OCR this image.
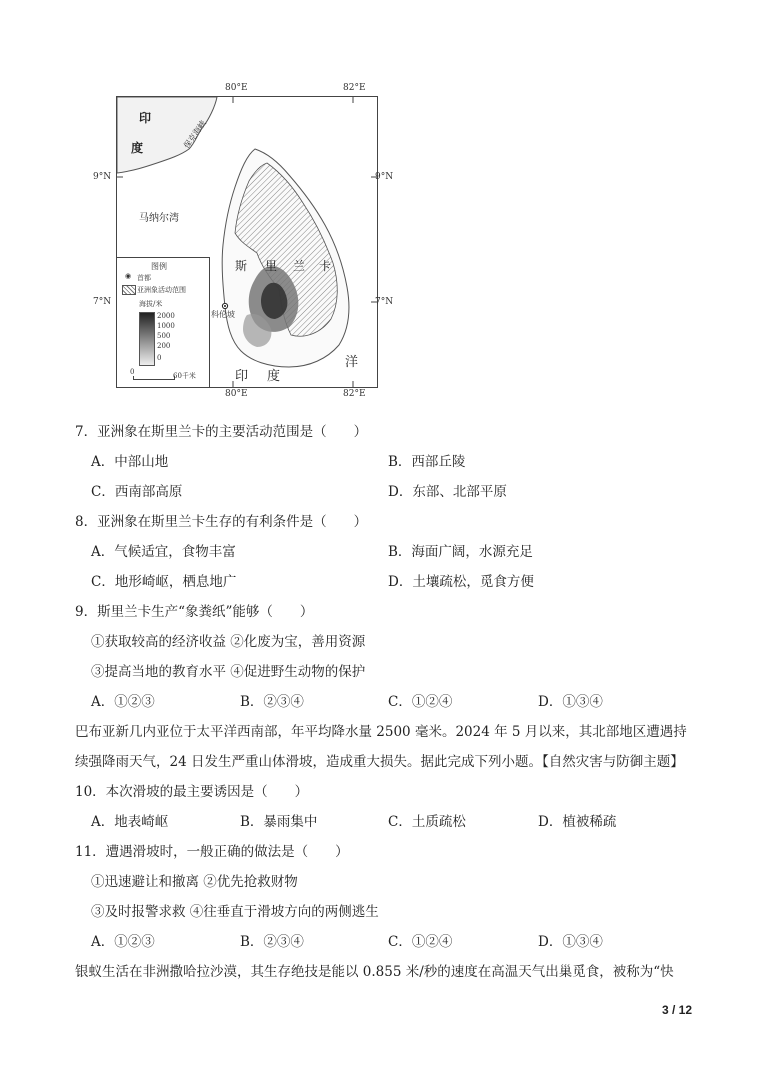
80°E	82°E
80°E	82°E
9°N	9°N
7°N	7°N
印
度	保克海峡
马纳尔湾
斯 里 兰 卡
印 度
洋
科伦坡
图例
◉ 首都
亚洲象活动范围
海拔/米
2000
1000
500
200
0
0	60千米
7．亚洲象在斯里兰卡的主要活动范围是（　　）
A．中部山地	B．西部丘陵
C．西南部高原	D．东部、北部平原
8．亚洲象在斯里兰卡生存的有利条件是（　　）
A．气候适宜，食物丰富	B．海面广阔，水源充足
C．地形崎岖，栖息地广	D．土壤疏松，觅食方便
9．斯里兰卡生产“象粪纸”能够（　　）
①获取较高的经济收益 ②化废为宝，善用资源
③提高当地的教育水平 ④促进野生动物的保护
A．①②③	B．②③④	C．①②④	D．①③④
巴布亚新几内亚位于太平洋西南部，年平均降水量 2500 毫米。2024 年 5 月以来，其北部地区遭遇持
续强降雨天气，24 日发生严重山体滑坡，造成重大损失。据此完成下列小题。【自然灾害与防御主题】
10．本次滑坡的最主要诱因是（　　）
A．地表崎岖	B．暴雨集中	C．土质疏松	D．植被稀疏
11．遭遇滑坡时，一般正确的做法是（　　）
①迅速避让和撤离 ②优先抢救财物
③及时报警求救 ④往垂直于滑坡方向的两侧逃生
A．①②③	B．②③④	C．①②④	D．①③④
银蚁生活在非洲撒哈拉沙漠，其生存绝技是能以 0.855 米/秒的速度在高温天气出巢觅食，被称为“快
3 / 12
